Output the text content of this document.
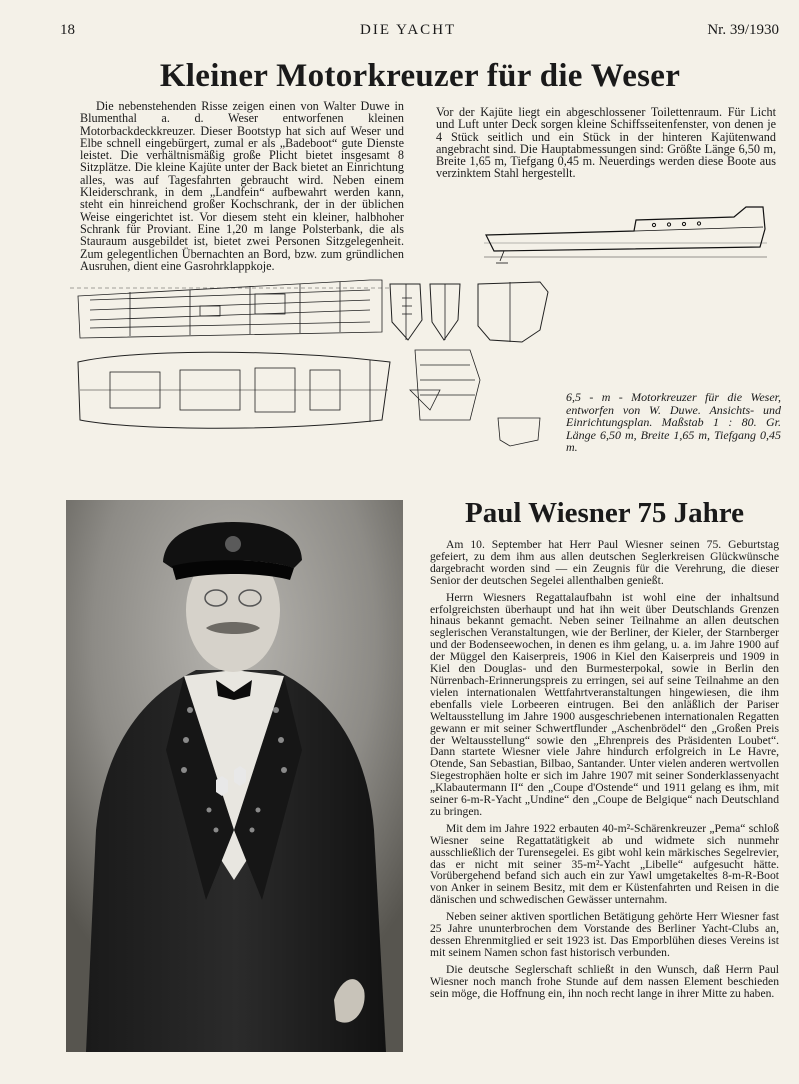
18	DIE YACHT	Nr. 39/1930
Kleiner Motorkreuzer für die Weser

Die nebenstehenden Risse zeigen einen von Walter Duwe in Blumenthal a. d. Weser entworfenen kleinen Motorbackdeckkreuzer. Dieser Bootstyp hat sich auf Weser und Elbe schnell eingebürgert, zumal er als „Badeboot“ gute Dienste leistet. Die verhältnismäßig große Plicht bietet insgesamt 8 Sitzplätze. Die kleine Kajüte unter der Back bietet an Einrichtung alles, was auf Tagesfahrten gebraucht wird. Neben einem Kleiderschrank, in dem „Landfein“ aufbewahrt werden kann, steht ein hinreichend großer Kochschrank, der in der üblichen Weise eingerichtet ist. Vor diesem steht ein kleiner, halbhoher Schrank für Proviant. Eine 1,20 m lange Polsterbank, die als Stauraum ausgebildet ist, bietet zwei Personen Sitzgelegenheit. Zum gelegentlichen Übernachten an Bord, bzw. zum gründlichen Ausruhen, dient eine Gasrohrklappkoje.

Vor der Kajüte liegt ein abgeschlossener Toilettenraum. Für Licht und Luft unter Deck sorgen kleine Schiffsseitenfenster, von denen je 4 Stück seitlich und ein Stück in der hinteren Kajütenwand angebracht sind. Die Hauptabmessungen sind: Größte Länge 6,50 m, Breite 1,65 m, Tiefgang 0,45 m. Neuerdings werden diese Boote aus verzinktem Stahl hergestellt.

6,5 - m - Motorkreuzer für die Weser, entworfen von W. Duwe. Ansichts- und Einrichtungsplan. Maßstab 1 : 80. Gr. Länge 6,50 m, Breite 1,65 m, Tiefgang 0,45 m.
Paul Wiesner 75 Jahre

Am 10. September hat Herr Paul Wiesner seinen 75. Geburtstag gefeiert, zu dem ihm aus allen deutschen Seglerkreisen Glückwünsche dargebracht worden sind — ein Zeugnis für die Verehrung, die dieser Senior der deutschen Segelei allenthalben genießt.

Herrn Wiesners Regattalaufbahn ist wohl eine der inhaltsund erfolgreichsten überhaupt und hat ihn weit über Deutschlands Grenzen hinaus bekannt gemacht. Neben seiner Teilnahme an allen deutschen seglerischen Veranstaltungen, wie der Berliner, der Kieler, der Starnberger und der Bodenseewochen, in denen es ihm gelang, u. a. im Jahre 1900 auf der Müggel den Kaiserpreis, 1906 in Kiel den Kaiserpreis und 1909 in Kiel den Douglas- und den Burmesterpokal, sowie in Berlin den Nürrenbach-Erinnerungspreis zu erringen, sei auf seine Teilnahme an den vielen internationalen Wettfahrtveranstaltungen hingewiesen, die ihm ebenfalls viele Lorbeeren eintrugen. Bei den anläßlich der Pariser Weltausstellung im Jahre 1900 ausgeschriebenen internationalen Regatten gewann er mit seiner Schwertflunder „Aschenbrödel“ den „Großen Preis der Weltausstellung“ sowie den „Ehrenpreis des Präsidenten Loubet“. Dann startete Wiesner viele Jahre hindurch erfolgreich in Le Havre, Otende, San Sebastian, Bilbao, Santander. Unter vielen anderen wertvollen Siegestrophäen holte er sich im Jahre 1907 mit seiner Sonderklassenyacht „Klabautermann II“ den „Coupe d'Ostende“ und 1911 gelang es ihm, mit seiner 6-m-R-Yacht „Undine“ den „Coupe de Belgique“ nach Deutschland zu bringen.

Mit dem im Jahre 1922 erbauten 40-m²-Schärenkreuzer „Pema“ schloß Wiesner seine Regattatätigkeit ab und widmete sich nunmehr ausschließlich der Turensegelei. Es gibt wohl kein märkisches Segelrevier, das er nicht mit seiner 35-m²-Yacht „Libelle“ aufgesucht hätte. Vorübergehend befand sich auch ein zur Yawl umgetakeltes 8-m-R-Boot von Anker in seinem Besitz, mit dem er Küstenfahrten und Reisen in die dänischen und schwedischen Gewässer unternahm.

Neben seiner aktiven sportlichen Betätigung gehörte Herr Wiesner fast 25 Jahre ununterbrochen dem Vorstande des Berliner Yacht-Clubs an, dessen Ehrenmitglied er seit 1923 ist. Das Emporblühen dieses Vereins ist mit seinem Namen schon fast historisch verbunden.

Die deutsche Seglerschaft schließt in den Wunsch, daß Herrn Paul Wiesner noch manch frohe Stunde auf dem nassen Element beschieden sein möge, die Hoffnung ein, ihn noch recht lange in ihrer Mitte zu haben.
